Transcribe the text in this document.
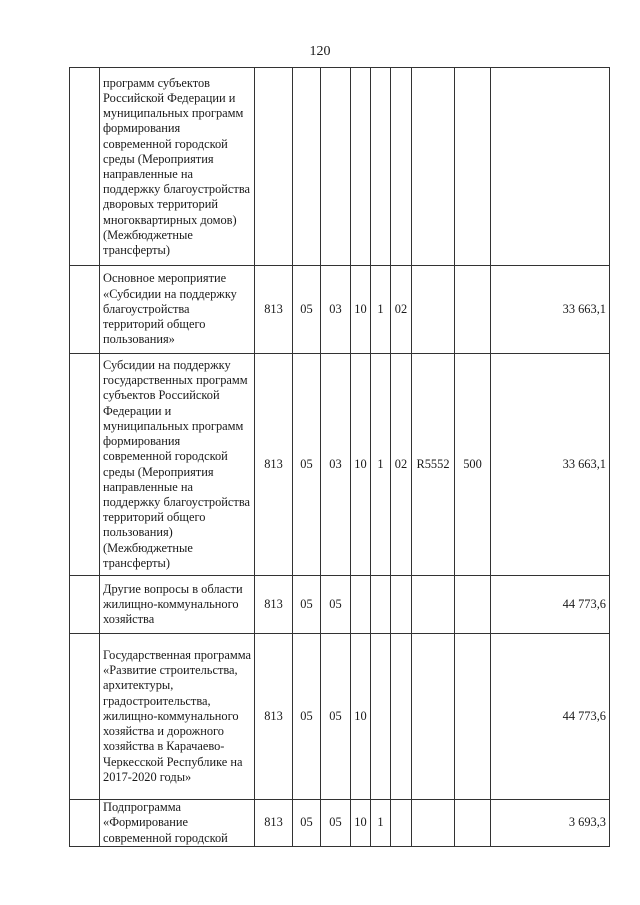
120
	программ субъектов Российской Федерации и муниципальных программ формирования современной городской среды (Мероприятия направленные на поддержку благоустройства дворовых территорий многоквартирных домов) (Межбюджетные трансферты)									
	Основное мероприятие «Субсидии на поддержку благоустройства территорий общего пользования»	813	05	03	10	1	02			33 663,1
	Субсидии на поддержку государственных программ субъектов Российской Федерации и муниципальных программ формирования современной городской среды (Мероприятия направленные на поддержку благоустройства территорий общего пользования) (Межбюджетные трансферты)	813	05	03	10	1	02	R5552	500	33 663,1
	Другие вопросы в области жилищно-коммунального хозяйства	813	05	05						44 773,6
	Государственная программа «Развитие строительства, архитектуры, градостроительства, жилищно-коммунального хозяйства и дорожного хозяйства в Карачаево-Черкесской Республике на 2017-2020 годы»	813	05	05	10					44 773,6
	Подпрограмма «Формирование современной городской	813	05	05	10	1				3 693,3
